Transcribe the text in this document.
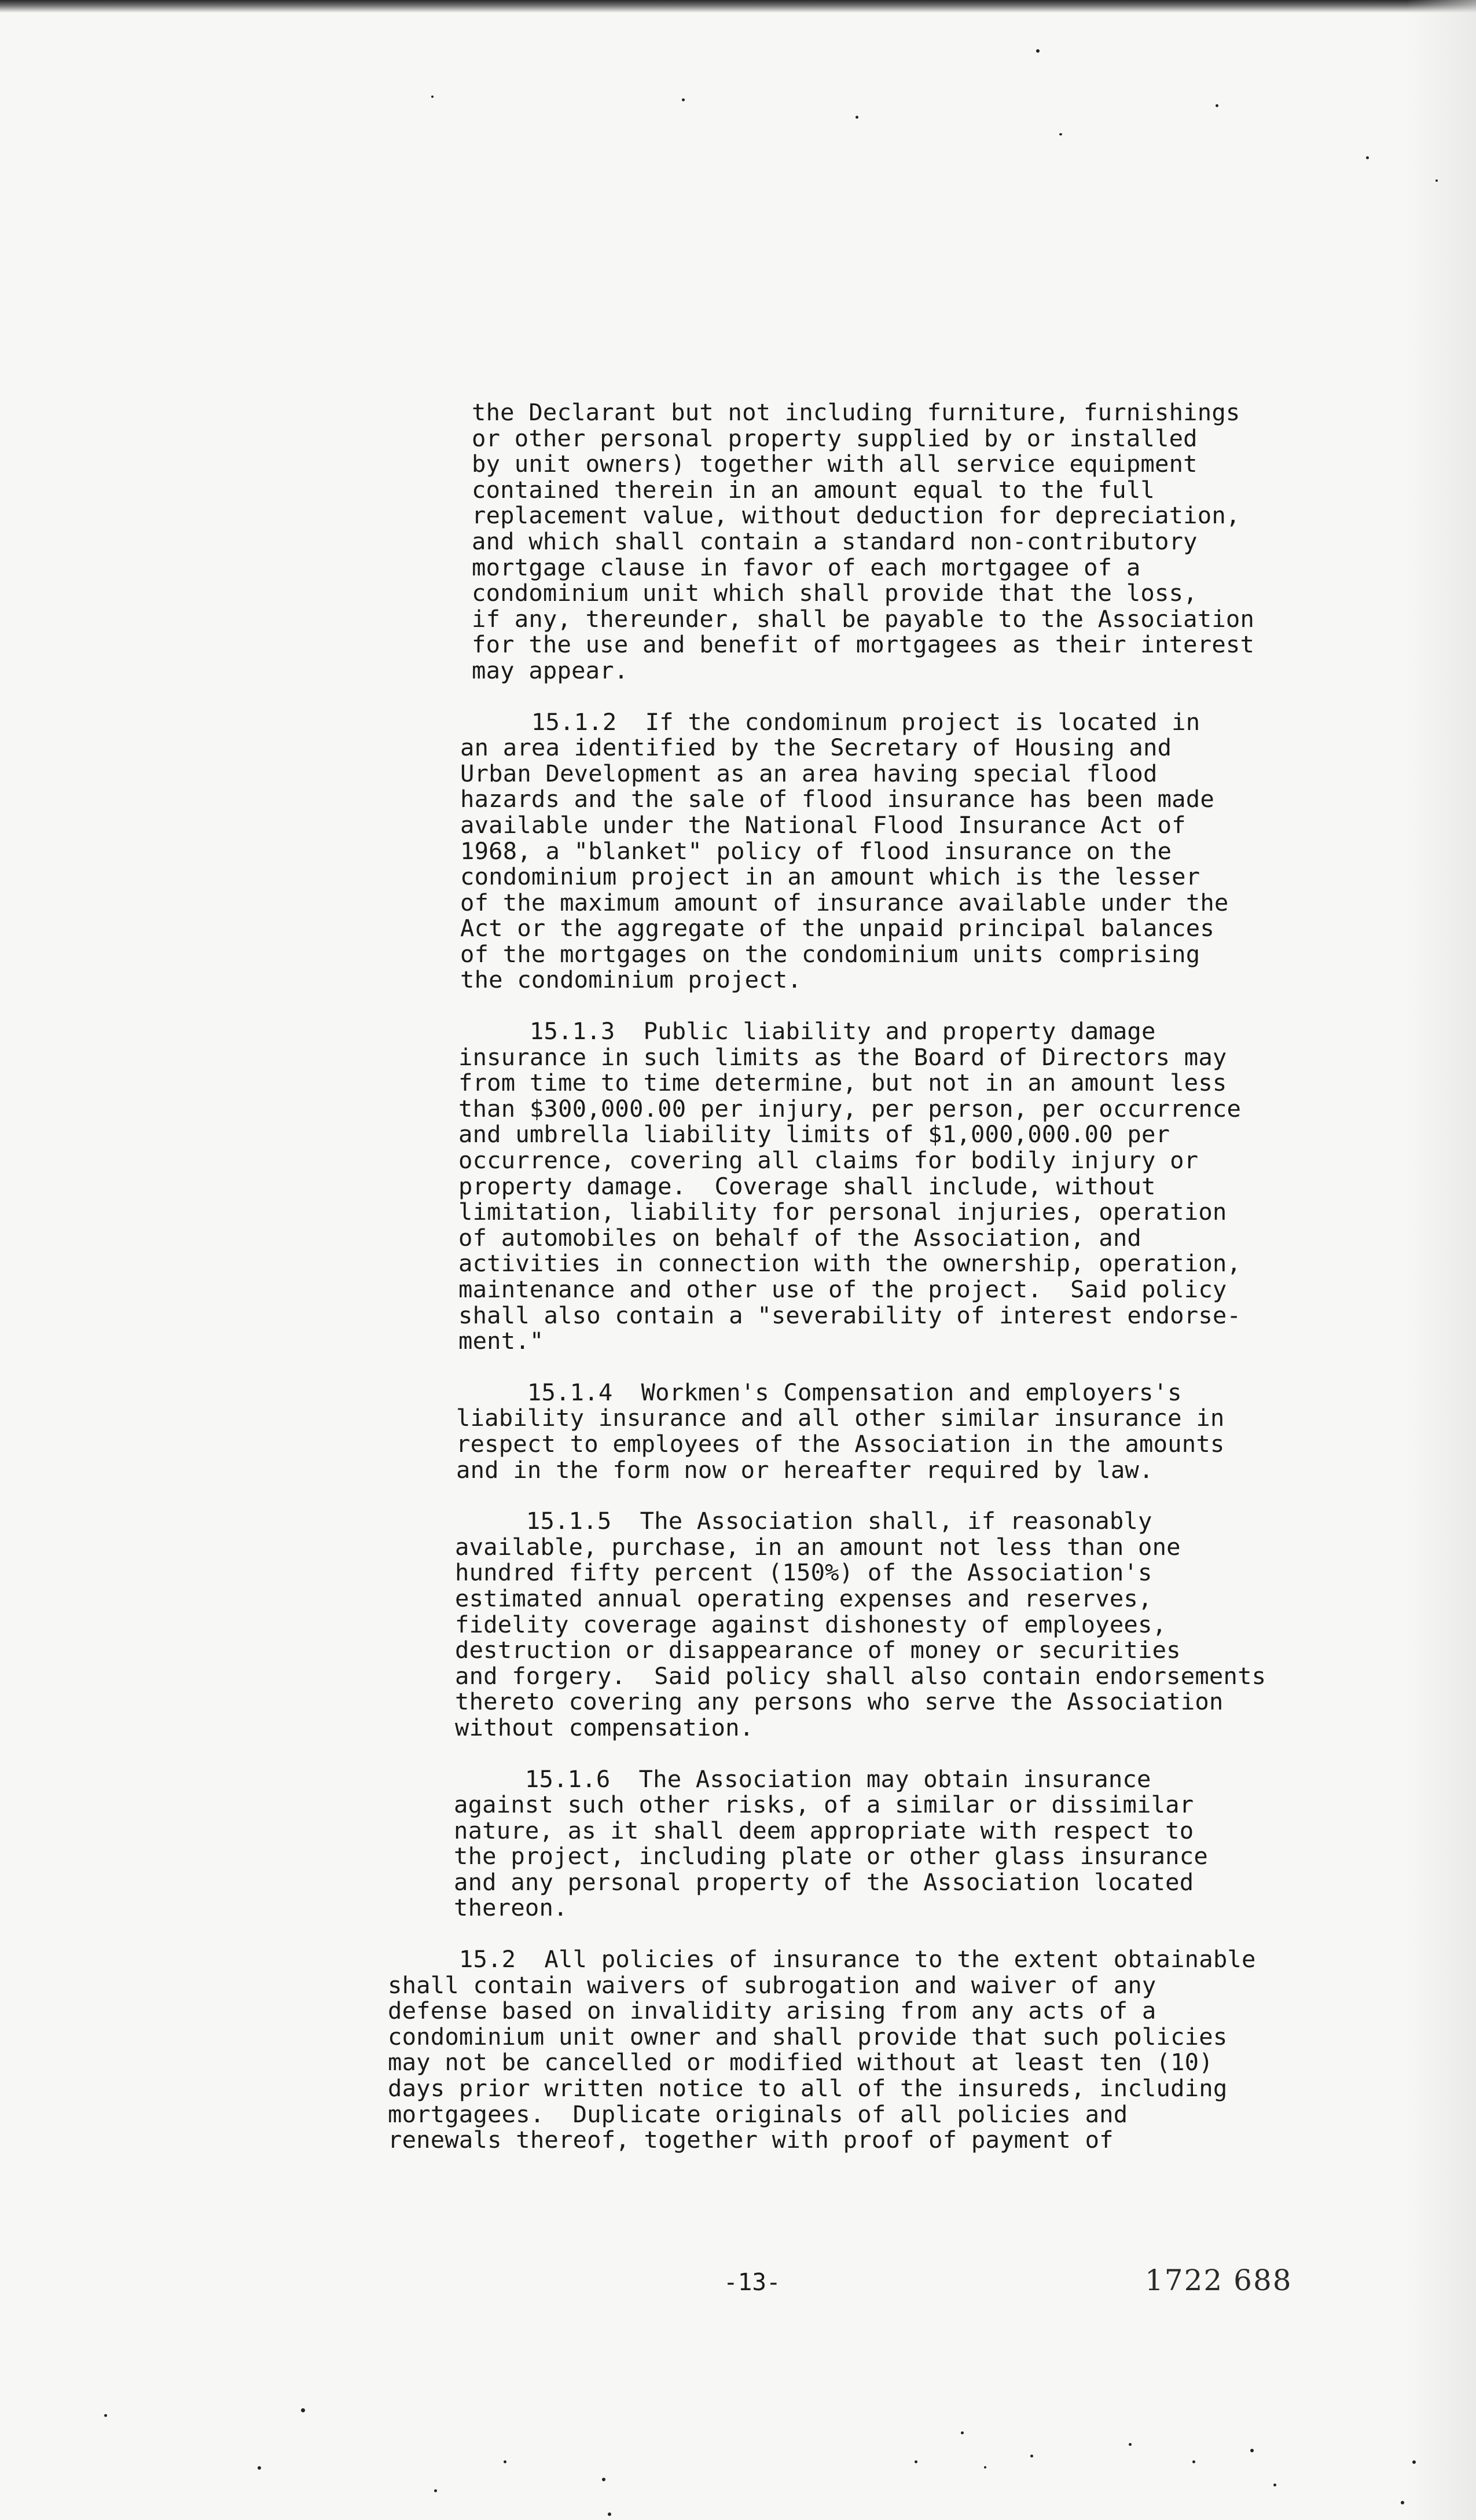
the Declarant but not including furniture, furnishings
or other personal property supplied by or installed
by unit owners) together with all service equipment
contained therein in an amount equal to the full
replacement value, without deduction for depreciation,
and which shall contain a standard non-contributory
mortgage clause in favor of each mortgagee of a
condominium unit which shall provide that the loss,
if any, thereunder, shall be payable to the Association
for the use and benefit of mortgagees as their interest
may appear.

15.1.2  If the condominum project is located in
an area identified by the Secretary of Housing and
Urban Development as an area having special flood
hazards and the sale of flood insurance has been made
available under the National Flood Insurance Act of
1968, a "blanket" policy of flood insurance on the
condominium project in an amount which is the lesser
of the maximum amount of insurance available under the
Act or the aggregate of the unpaid principal balances
of the mortgages on the condominium units comprising
the condominium project.

15.1.3  Public liability and property damage
insurance in such limits as the Board of Directors may
from time to time determine, but not in an amount less
than $300,000.00 per injury, per person, per occurrence
and umbrella liability limits of $1,000,000.00 per
occurrence, covering all claims for bodily injury or
property damage.  Coverage shall include, without
limitation, liability for personal injuries, operation
of automobiles on behalf of the Association, and
activities in connection with the ownership, operation,
maintenance and other use of the project.  Said policy
shall also contain a "severability of interest endorse-
ment."

15.1.4  Workmen's Compensation and employers's
liability insurance and all other similar insurance in
respect to employees of the Association in the amounts
and in the form now or hereafter required by law.

15.1.5  The Association shall, if reasonably
available, purchase, in an amount not less than one
hundred fifty percent (150%) of the Association's
estimated annual operating expenses and reserves,
fidelity coverage against dishonesty of employees,
destruction or disappearance of money or securities
and forgery.  Said policy shall also contain endorsements
thereto covering any persons who serve the Association
without compensation.

15.1.6  The Association may obtain insurance
against such other risks, of a similar or dissimilar
nature, as it shall deem appropriate with respect to
the project, including plate or other glass insurance
and any personal property of the Association located
thereon.

15.2  All policies of insurance to the extent obtainable
shall contain waivers of subrogation and waiver of any
defense based on invalidity arising from any acts of a
condominium unit owner and shall provide that such policies
may not be cancelled or modified without at least ten (10)
days prior written notice to all of the insureds, including
mortgagees.  Duplicate originals of all policies and
renewals thereof, together with proof of payment of

-13-	1722 688
